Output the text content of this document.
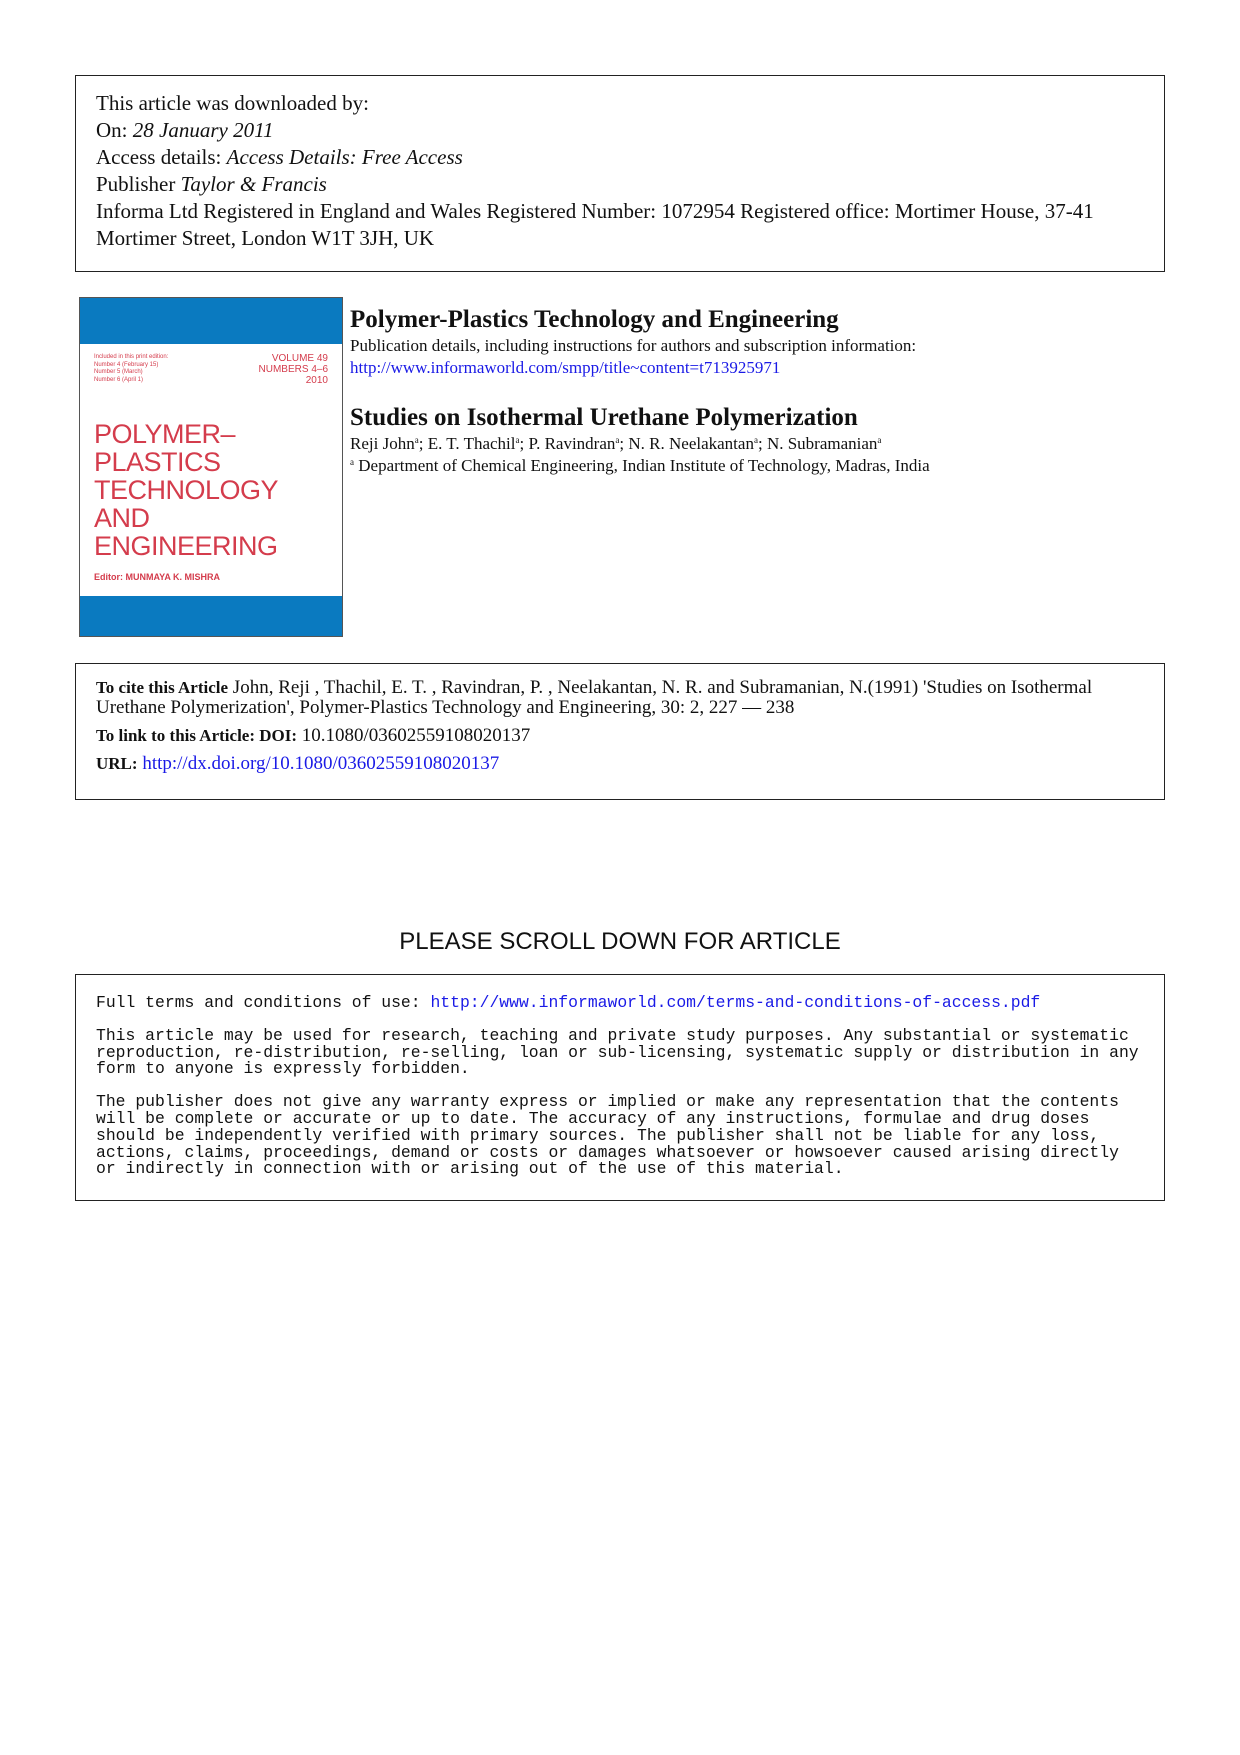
This article was downloaded by:
On: 28 January 2011
Access details: Access Details: Free Access
Publisher Taylor & Francis
Informa Ltd Registered in England and Wales Registered Number: 1072954 Registered office: Mortimer House, 37-41 Mortimer Street, London W1T 3JH, UK
Included in this print edition:
Number 4 (February 15)
Number 5 (March)
Number 6 (April 1)
VOLUME 49
NUMBERS 4–6
2010
POLYMER–PLASTICS
TECHNOLOGY
AND
ENGINEERING
Editor: MUNMAYA K. MISHRA
Polymer-Plastics Technology and Engineering
Publication details, including instructions for authors and subscription information:
http://www.informaworld.com/smpp/title~content=t713925971
Studies on Isothermal Urethane Polymerization
Reji John$^a$; E. T. Thachil$^a$; P. Ravindran$^a$; N. R. Neelakantan$^a$; N. Subramanian$^a$
$^a$ Department of Chemical Engineering, Indian Institute of Technology, Madras, India
To cite this Article John, Reji , Thachil, E. T. , Ravindran, P. , Neelakantan, N. R. and Subramanian, N.(1991) 'Studies on Isothermal Urethane Polymerization', Polymer-Plastics Technology and Engineering, 30: 2, 227 — 238
To link to this Article: DOI: 10.1080/03602559108020137
URL: http://dx.doi.org/10.1080/03602559108020137
PLEASE SCROLL DOWN FOR ARTICLE

Full terms and conditions of use: http://www.informaworld.com/terms-and-conditions-of-access.pdf

This article may be used for research, teaching and private study purposes. Any substantial or systematic reproduction, re-distribution, re-selling, loan or sub-licensing, systematic supply or distribution in any form to anyone is expressly forbidden.

The publisher does not give any warranty express or implied or make any representation that the contents will be complete or accurate or up to date. The accuracy of any instructions, formulae and drug doses should be independently verified with primary sources. The publisher shall not be liable for any loss, actions, claims, proceedings, demand or costs or damages whatsoever or howsoever caused arising directly or indirectly in connection with or arising out of the use of this material.
